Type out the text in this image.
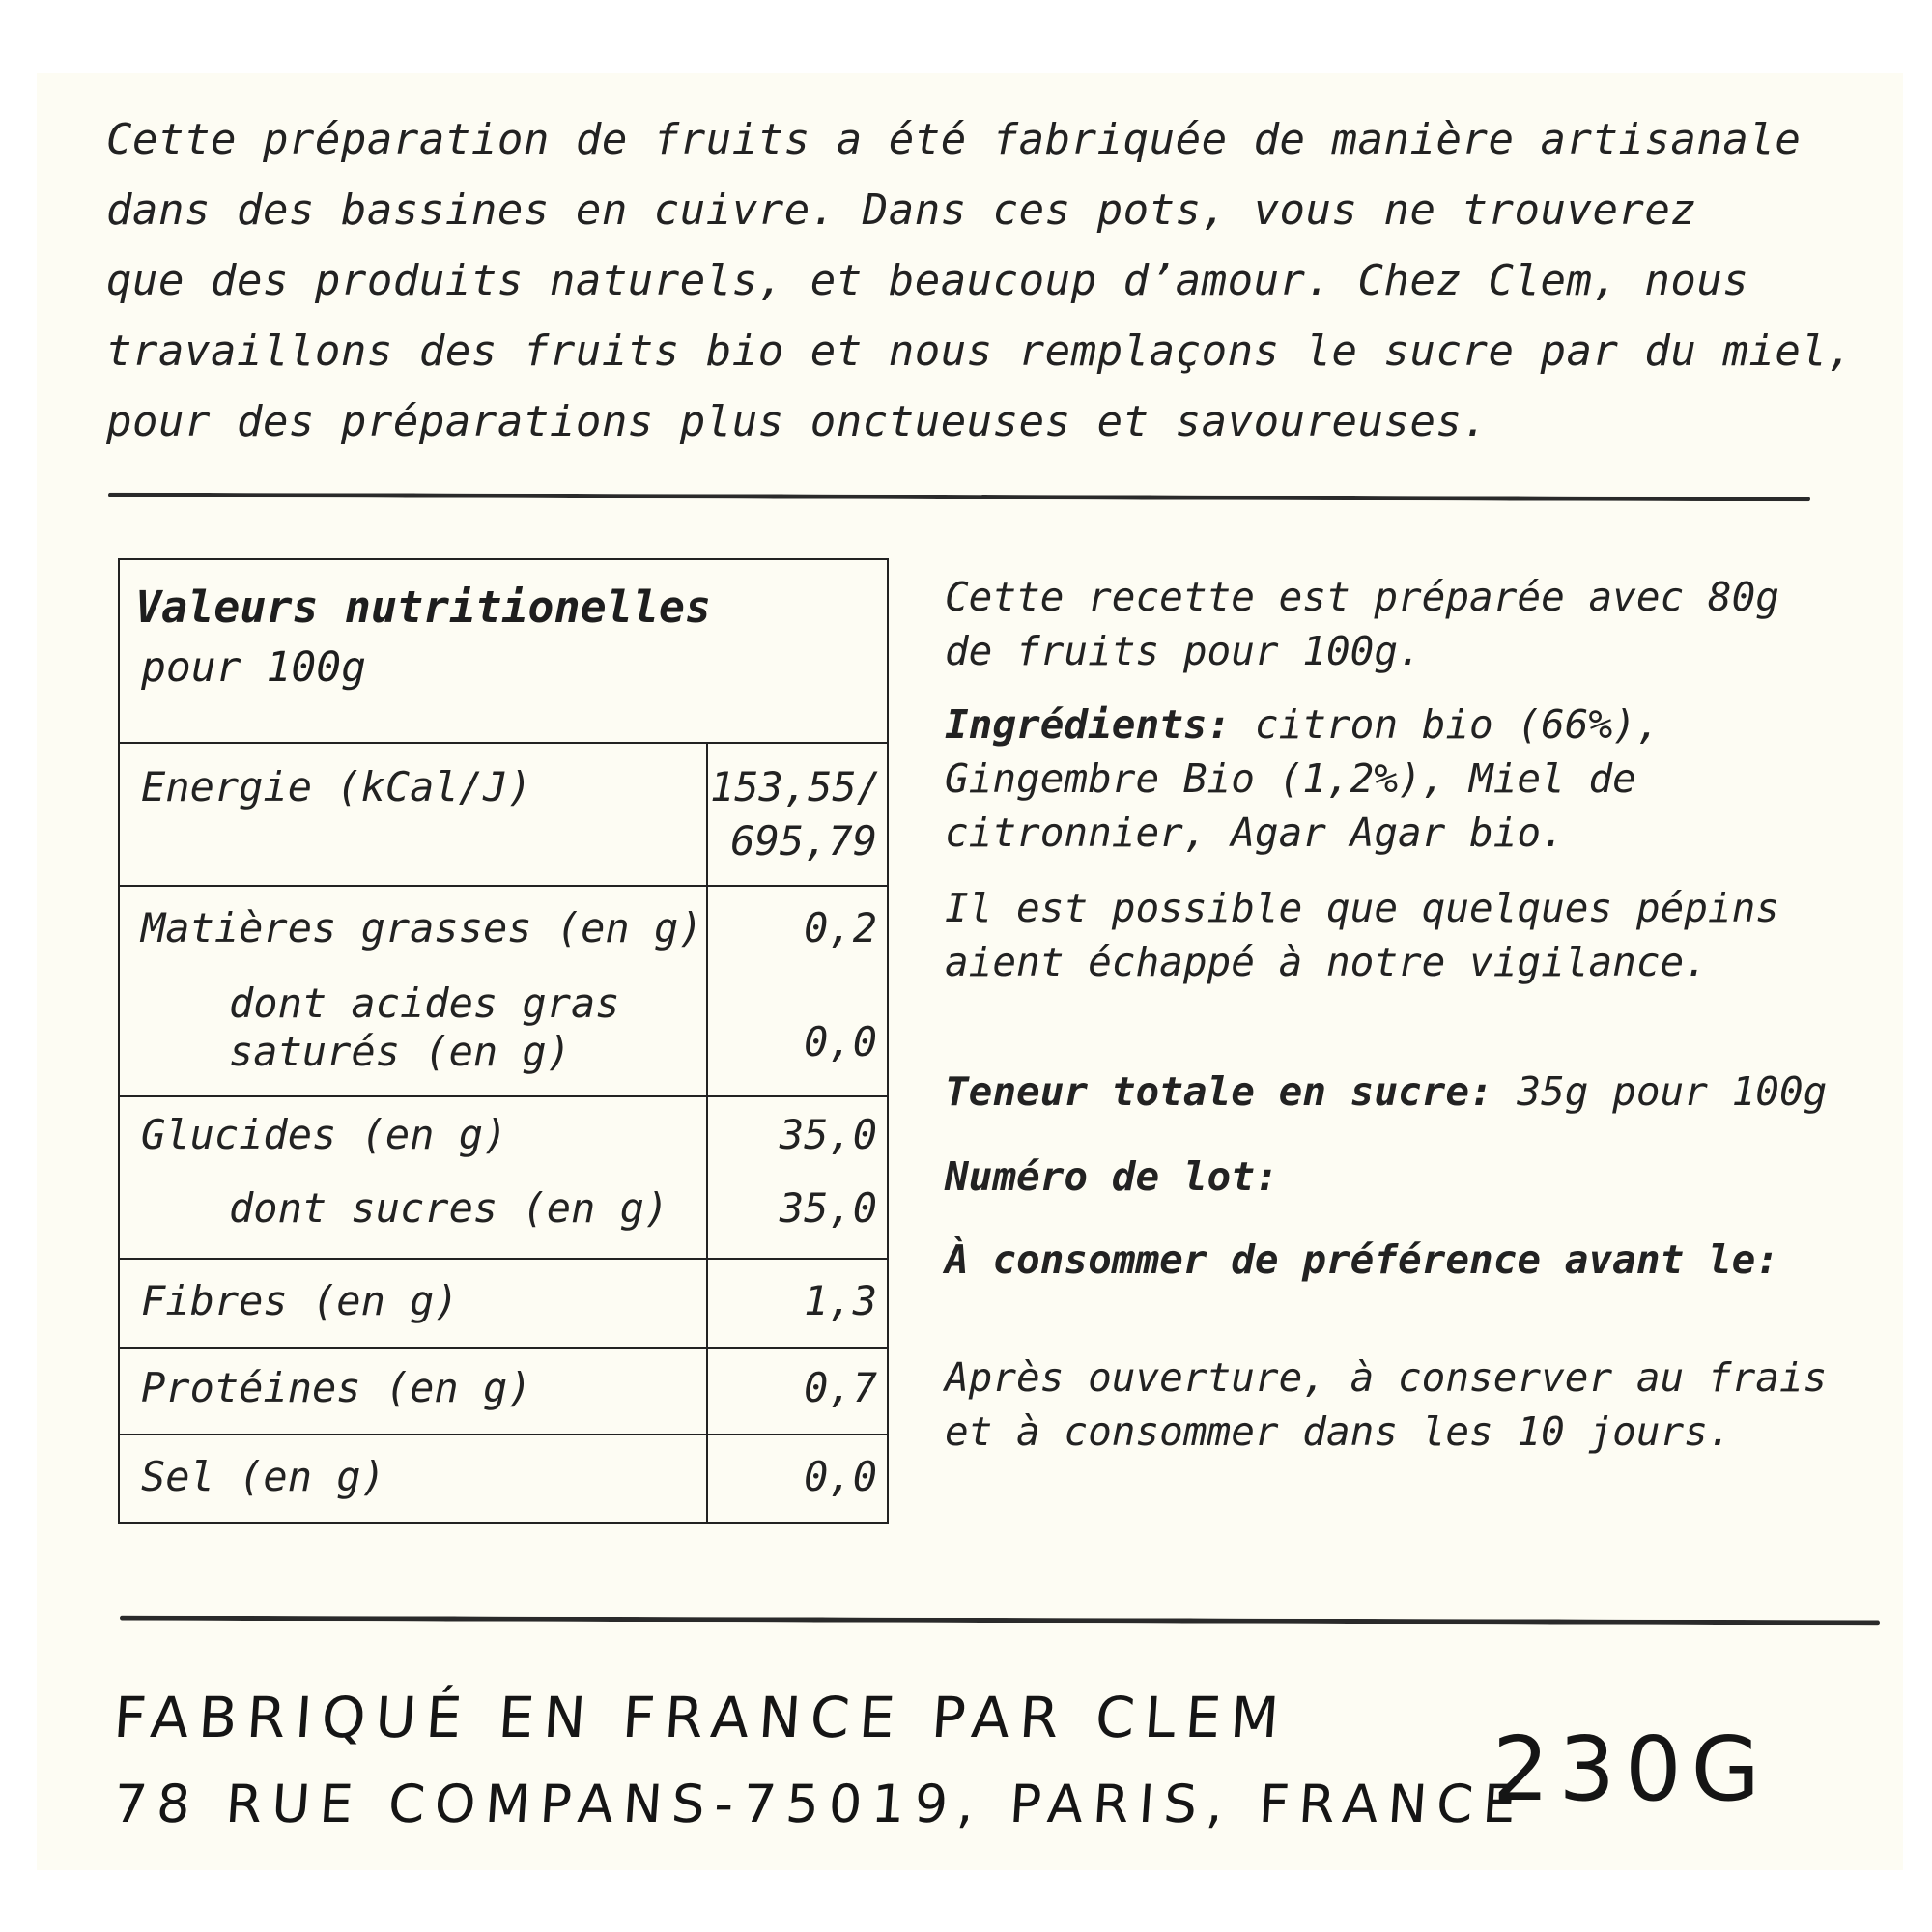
Cette préparation de fruits a été fabriquée de manière artisanale
dans des bassines en cuivre. Dans ces pots, vous ne trouverez
que des produits naturels, et beaucoup d’amour. Chez Clem, nous
travaillons des fruits bio et nous remplaçons le sucre par du miel,
pour des préparations plus onctueuses et savoureuses.
Valeurs nutritionelles
pour 100g
Energie (kCal/J)	153,55/
695,79
Matières grasses (en g) 0,2
dont acides gras
saturés (en g)	0,0
Glucides (en g)	35,0
dont sucres (en g)	35,0
Fibres (en g)	1,3
Protéines (en g)	0,7
Sel (en g)	0,0
Cette recette est préparée avec 80g
de fruits pour 100g.
Ingrédients: citron bio (66%),
Gingembre Bio (1,2%), Miel de
citronnier, Agar Agar bio.
Il est possible que quelques pépins
aient échappé à notre vigilance.
Teneur totale en sucre: 35g pour 100g
Numéro de lot:
À consommer de préférence avant le:
Après ouverture, à conserver au frais
et à consommer dans les 10 jours.
FABRIQUÉ EN FRANCE PAR CLEM
78 RUE COMPANS-75019, PARIS, FRANCE
230G
